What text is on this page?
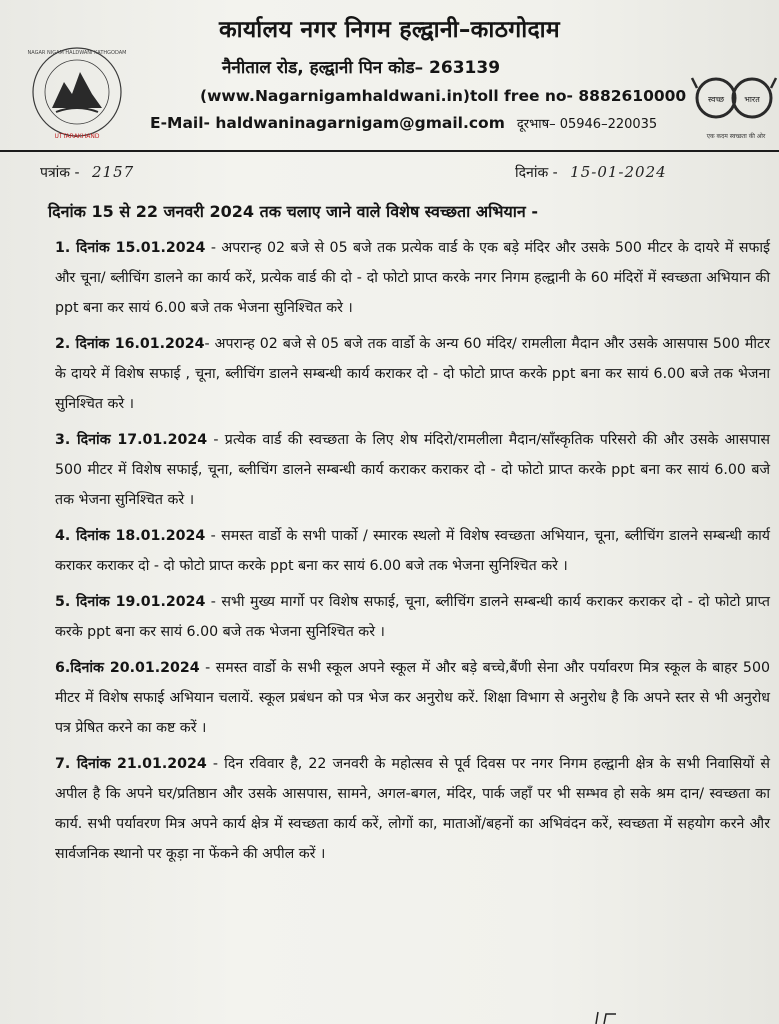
कार्यालय नगर निगम हल्द्वानी–काठगोदाम
NAGAR NIGAM HALDWANI KATHGODAM
UTTARAKHAND
नैनीताल रोड, हल्द्वानी पिन कोड– 263139
(www.Nagarnigamhaldwani.in)toll free no- 8882610000
E-Mail- haldwaninagarnigam@gmail.com दूरभाष– 05946–220035
स्वच्छ	भारत
एक कदम स्वच्छता की ओर
पत्रांक - 2157	दिनांक - 15-01-2024
दिनांक 15 से 22 जनवरी 2024 तक चलाए जाने वाले विशेष स्वच्छता अभियान -
1. दिनांक 15.01.2024 - अपरान्ह 02 बजे से 05 बजे तक प्रत्येक वार्ड के एक बड़े मंदिर और उसके 500 मीटर के दायरे में सफाई और चूना/ ब्लीचिंग डालने का कार्य करें, प्रत्येक वार्ड की दो - दो फोटो प्राप्त करके नगर निगम हल्द्वानी के 60 मंदिरों में स्वच्छता अभियान की ppt बना कर सायं 6.00 बजे तक भेजना सुनिश्चित करे ।
2. दिनांक 16.01.2024- अपरान्ह 02 बजे से 05 बजे तक वार्डो के अन्य 60 मंदिर/ रामलीला मैदान और उसके आसपास 500 मीटर के दायरे में विशेष सफाई , चूना, ब्लीचिंग डालने सम्बन्धी कार्य कराकर दो - दो फोटो प्राप्त करके ppt बना कर सायं 6.00 बजे तक भेजना सुनिश्चित करे ।
3. दिनांक 17.01.2024 - प्रत्येक वार्ड की स्वच्छता के लिए शेष मंदिरो/रामलीला मैदान/साँस्कृतिक परिसरो की और उसके आसपास 500 मीटर में विशेष सफाई, चूना, ब्लीचिंग डालने सम्बन्धी कार्य कराकर कराकर दो - दो फोटो प्राप्त करके ppt बना कर सायं 6.00 बजे तक भेजना सुनिश्चित करे ।
4. दिनांक 18.01.2024 - समस्त वार्डो के सभी पार्को / स्मारक स्थलो में विशेष स्वच्छता अभियान, चूना, ब्लीचिंग डालने सम्बन्धी कार्य कराकर कराकर दो - दो फोटो प्राप्त करके ppt बना कर सायं 6.00 बजे तक भेजना सुनिश्चित करे ।
5. दिनांक 19.01.2024 - सभी मुख्य मार्गो पर विशेष सफाई, चूना, ब्लीचिंग डालने सम्बन्धी कार्य कराकर कराकर दो - दो फोटो प्राप्त करके ppt बना कर सायं 6.00 बजे तक भेजना सुनिश्चित करे ।
6.दिनांक 20.01.2024 - समस्त वार्डो के सभी स्कूल अपने स्कूल में और बड़े बच्चे,बैंणी सेना और पर्यावरण मित्र स्कूल के बाहर 500 मीटर में विशेष सफाई अभियान चलायें. स्कूल प्रबंधन को पत्र भेज कर अनुरोध करें. शिक्षा विभाग से अनुरोध है कि अपने स्तर से भी अनुरोध पत्र प्रेषित करने का कष्ट करें ।
7. दिनांक 21.01.2024 - दिन रविवार है, 22 जनवरी के महोत्सव से पूर्व दिवस पर नगर निगम हल्द्वानी क्षेत्र के सभी निवासियों से अपील है कि अपने घर/प्रतिष्ठान और उसके आसपास, सामने, अगल-बगल, मंदिर, पार्क जहाँ पर भी सम्भव हो सके श्रम दान/ स्वच्छता का कार्य. सभी पर्यावरण मित्र अपने कार्य क्षेत्र में स्वच्छता कार्य करें, लोगों का, माताओं/बहनों का अभिवंदन करें, स्वच्छता में सहयोग करने और सार्वजनिक स्थानो पर कूड़ा ना फेंकने की अपील करें ।
